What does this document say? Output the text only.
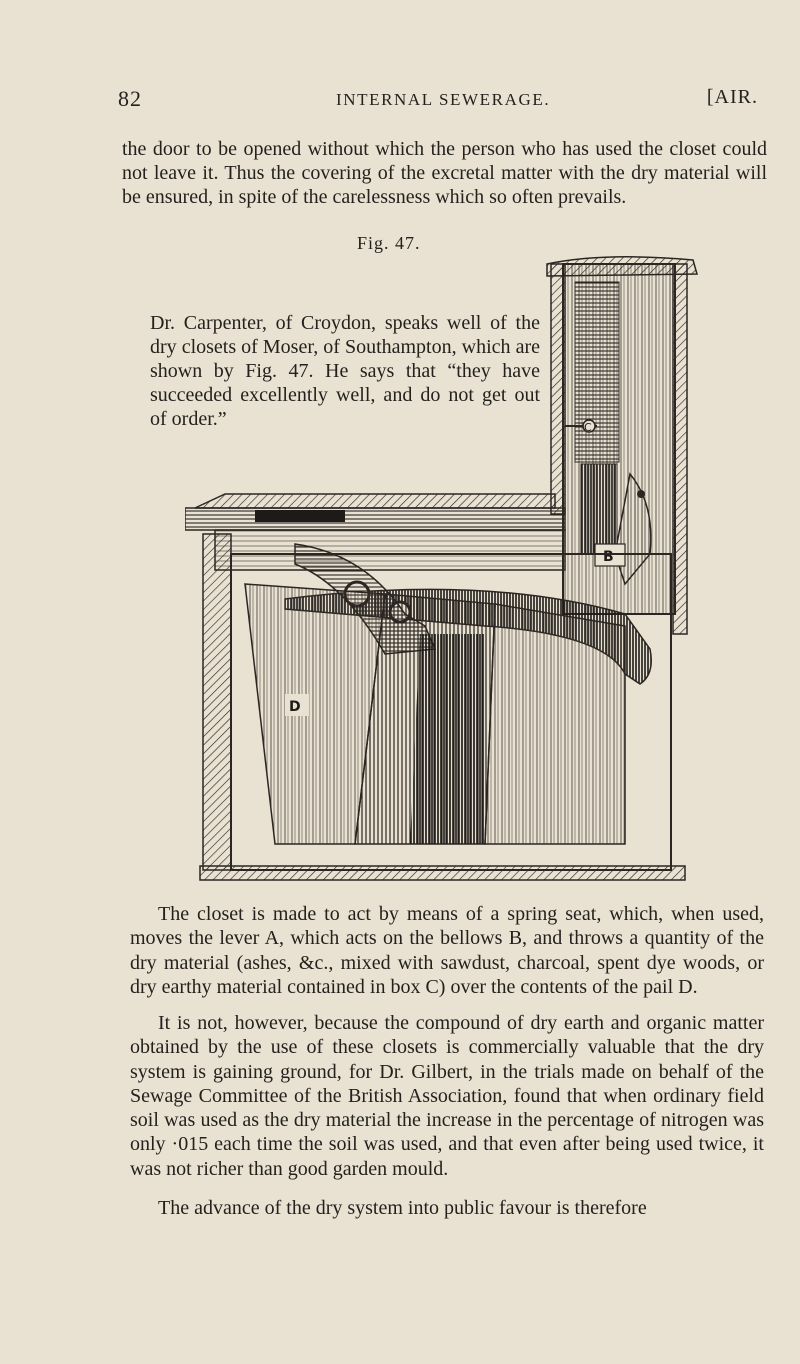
82	INTERNAL SEWERAGE.	[AIR.

the door to be opened without which the person who has used the closet could not leave it. Thus the covering of the excretal matter with the dry material will be ensured, in spite of the carelessness which so often prevails.

Fig. 47.
C
B
D

Dr. Carpenter, of Croydon, speaks well of the dry closets of Moser, of Southampton, which are shown by Fig. 47. He says that “they have succeeded excellently well, and do not get out of order.”

The closet is made to act by means of a spring seat, which, when used, moves the lever A, which acts on the bellows B, and throws a quantity of the dry material (ashes, &c., mixed with sawdust, charcoal, spent dye woods, or dry earthy material contained in box C) over the contents of the pail D.

It is not, however, because the compound of dry earth and organic matter obtained by the use of these closets is commercially valuable that the dry system is gaining ground, for Dr. Gilbert, in the trials made on behalf of the Sewage Committee of the British Association, found that when ordinary field soil was used as the dry material the increase in the percentage of nitrogen was only ·015 each time the soil was used, and that even after being used twice, it was not richer than good garden mould.

The advance of the dry system into public favour is therefore
